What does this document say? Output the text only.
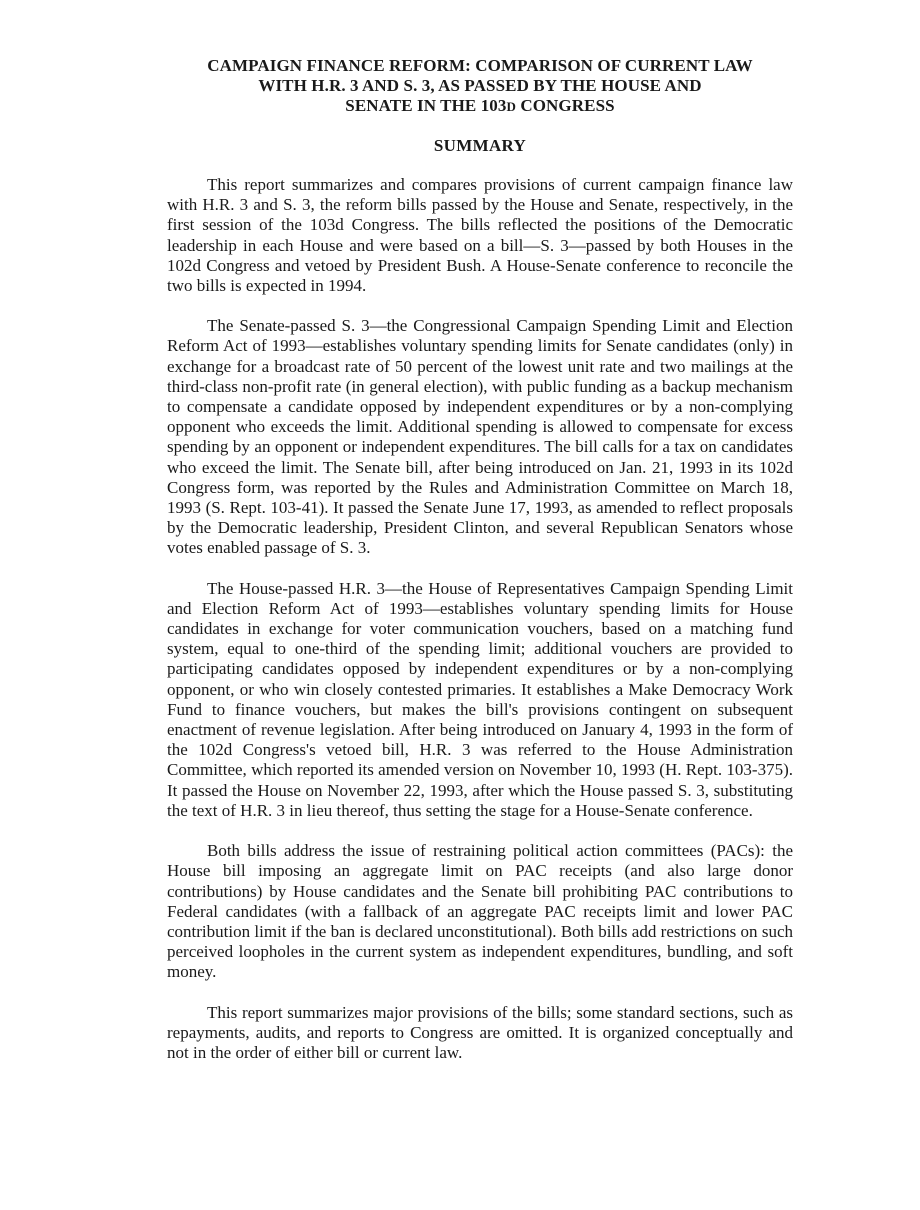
CAMPAIGN FINANCE REFORM: COMPARISON OF CURRENT LAW
WITH H.R. 3 AND S. 3, AS PASSED BY THE HOUSE AND
SENATE IN THE 103D CONGRESS
SUMMARY

This report summarizes and compares provisions of current campaign finance law with H.R. 3 and S. 3, the reform bills passed by the House and Senate, respectively, in the first session of the 103d Congress. The bills reflected the positions of the Democratic leadership in each House and were based on a bill—S. 3—passed by both Houses in the 102d Congress and vetoed by President Bush. A House-Senate conference to reconcile the two bills is expected in 1994.

The Senate-passed S. 3—the Congressional Campaign Spending Limit and Election Reform Act of 1993—establishes voluntary spending limits for Senate candidates (only) in exchange for a broadcast rate of 50 percent of the lowest unit rate and two mailings at the third-class non-profit rate (in general election), with public funding as a backup mechanism to compensate a candidate opposed by independent expenditures or by a non-complying opponent who exceeds the limit. Additional spending is allowed to compensate for excess spending by an opponent or independent expenditures. The bill calls for a tax on candidates who exceed the limit. The Senate bill, after being introduced on Jan. 21, 1993 in its 102d Congress form, was reported by the Rules and Administration Committee on March 18, 1993 (S. Rept. 103-41). It passed the Senate June 17, 1993, as amended to reflect proposals by the Democratic leadership, President Clinton, and several Republican Senators whose votes enabled passage of S. 3.

The House-passed H.R. 3—the House of Representatives Campaign Spending Limit and Election Reform Act of 1993—establishes voluntary spending limits for House candidates in exchange for voter communication vouchers, based on a matching fund system, equal to one-third of the spending limit; additional vouchers are provided to participating candidates opposed by independent expenditures or by a non-complying opponent, or who win closely contested primaries. It establishes a Make Democracy Work Fund to finance vouchers, but makes the bill's provisions contingent on subsequent enactment of revenue legislation. After being introduced on January 4, 1993 in the form of the 102d Congress's vetoed bill, H.R. 3 was referred to the House Administration Committee, which reported its amended version on November 10, 1993 (H. Rept. 103-375). It passed the House on November 22, 1993, after which the House passed S. 3, substituting the text of H.R. 3 in lieu thereof, thus setting the stage for a House-Senate conference.

Both bills address the issue of restraining political action committees (PACs): the House bill imposing an aggregate limit on PAC receipts (and also large donor contributions) by House candidates and the Senate bill prohibiting PAC contributions to Federal candidates (with a fallback of an aggregate PAC receipts limit and lower PAC contribution limit if the ban is declared unconstitutional). Both bills add restrictions on such perceived loopholes in the current system as independent expenditures, bundling, and soft money.

This report summarizes major provisions of the bills; some standard sections, such as repayments, audits, and reports to Congress are omitted. It is organized conceptually and not in the order of either bill or current law.
